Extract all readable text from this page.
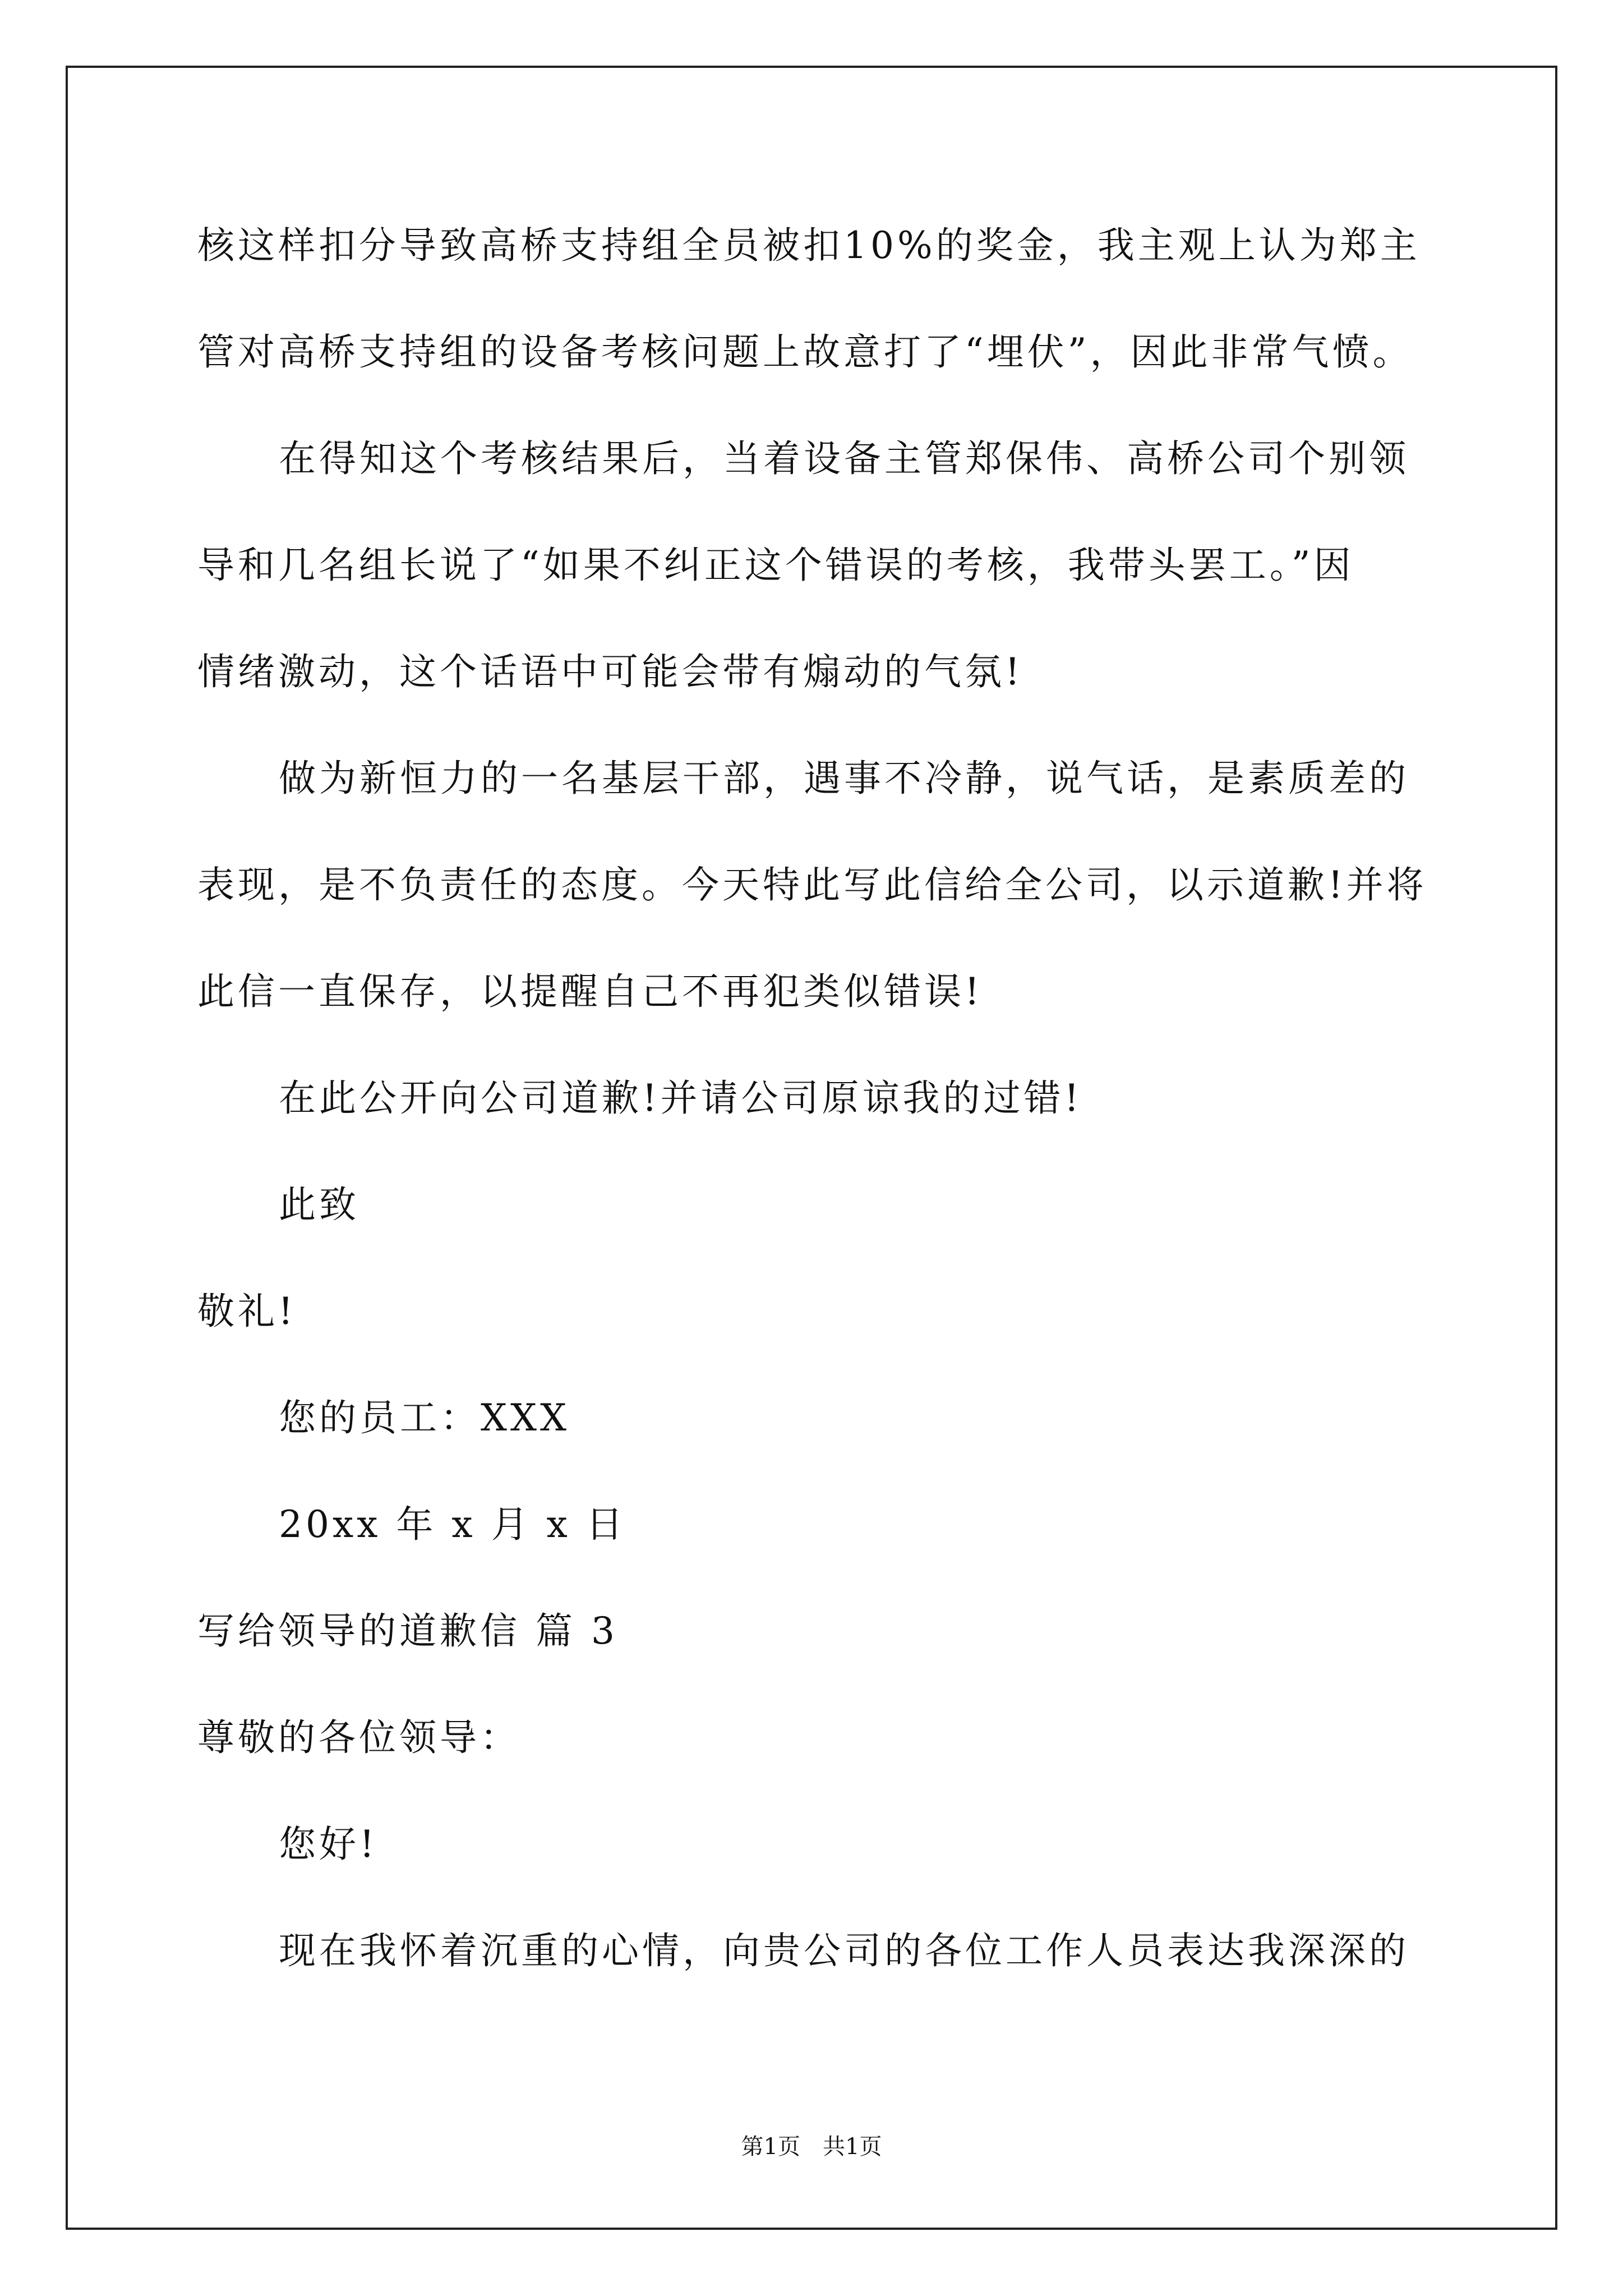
核这样扣分导致高桥支持组全员被扣10%的奖金，我主观上认为郑主
管对高桥支持组的设备考核问题上故意打了“埋伏”，因此非常气愤。
在得知这个考核结果后，当着设备主管郑保伟、高桥公司个别领
导和几名组长说了“如果不纠正这个错误的考核，我带头罢工。”因
情绪激动，这个话语中可能会带有煽动的气氛!
做为新恒力的一名基层干部，遇事不冷静，说气话，是素质差的
表现，是不负责任的态度。今天特此写此信给全公司，以示道歉!并将
此信一直保存，以提醒自己不再犯类似错误!
在此公开向公司道歉!并请公司原谅我的过错!
此致
敬礼!
您的员工：XXX
20xx 年 x 月 x 日
写给领导的道歉信 篇 3
尊敬的各位领导：
您好!
现在我怀着沉重的心情，向贵公司的各位工作人员表达我深深的
第1页 共1页
